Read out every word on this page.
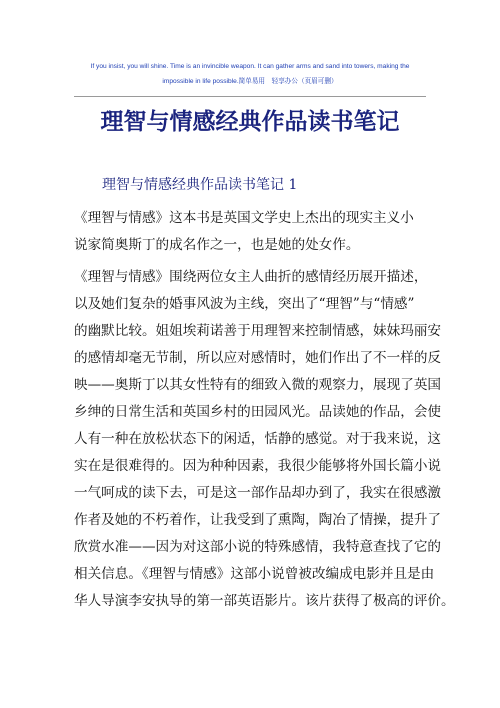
If you insist, you will shine. Time is an invincible weapon. It can gather arms and sand into towers, making the
impossible in life possible.简单易用　轻享办公（页眉可删）
理智与情感经典作品读书笔记
理智与情感经典作品读书笔记 1
《理智与情感》这本书是英国文学史上杰出的现实主义小
说家简奥斯丁的成名作之一，也是她的处女作。
《理智与情感》围绕两位女主人曲折的感情经历展开描述，
以及她们复杂的婚事风波为主线，突出了“理智”与“情感”
的幽默比较。姐姐埃莉诺善于用理智来控制情感，妹妹玛丽安
的感情却毫无节制，所以应对感情时，她们作出了不一样的反
映——奥斯丁以其女性特有的细致入微的观察力，展现了英国
乡绅的日常生活和英国乡村的田园风光。品读她的作品，会使
人有一种在放松状态下的闲适，恬静的感觉。对于我来说，这
实在是很难得的。因为种种因素，我很少能够将外国长篇小说
一气呵成的读下去，可是这一部作品却办到了，我实在很感激
作者及她的不朽着作，让我受到了熏陶，陶冶了情操，提升了
欣赏水准——因为对这部小说的特殊感情，我特意查找了它的
相关信息。《理智与情感》这部小说曾被改编成电影并且是由
华人导演李安执导的第一部英语影片。该片获得了极高的评价。
